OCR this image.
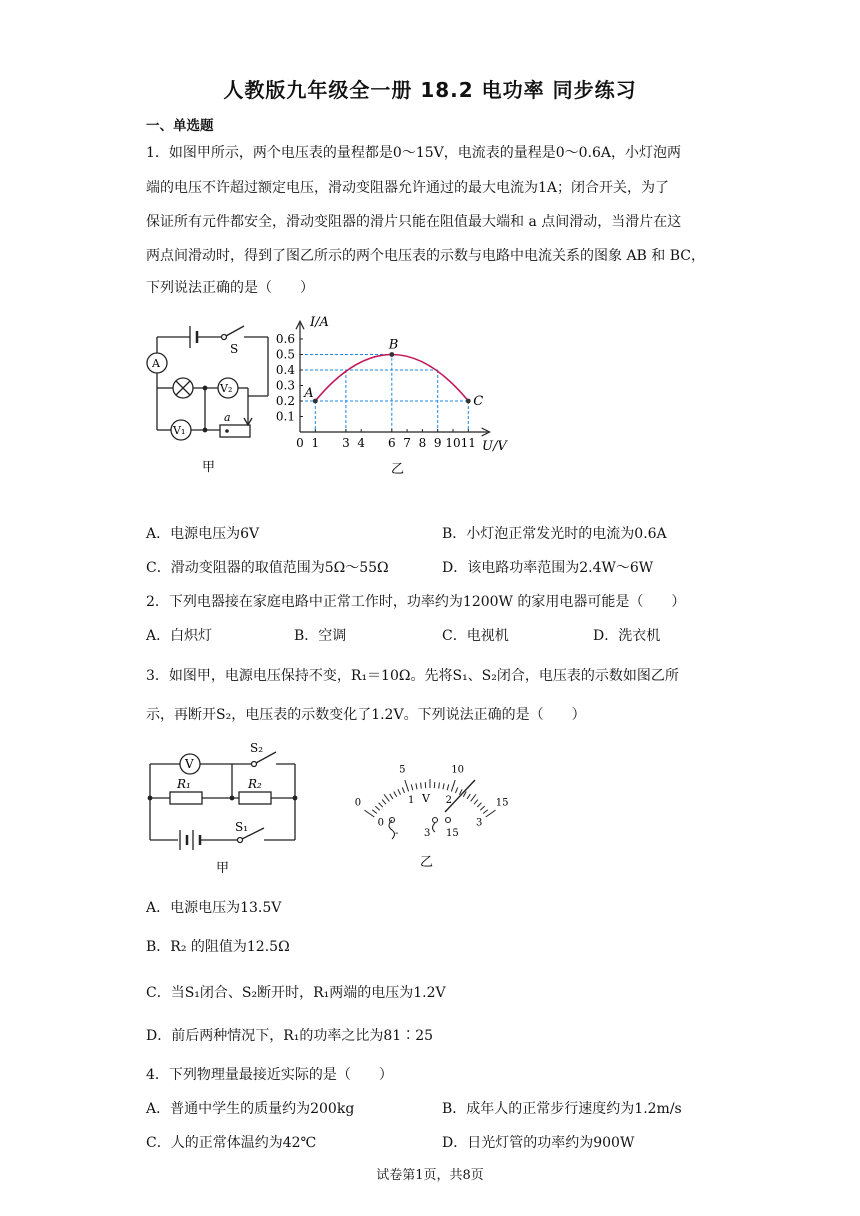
人教版九年级全一册 18.2 电功率 同步练习
一、单选题
1．如图甲所示，两个电压表的量程都是0～15V，电流表的量程是0～0.6A，小灯泡两
端的电压不许超过额定电压，滑动变阻器允许通过的最大电流为1A；闭合开关，为了
保证所有元件都安全，滑动变阻器的滑片只能在阻值最大端和 a 点间滑动，当滑片在这
两点间滑动时，得到了图乙所示的两个电压表的示数与电路中电流关系的图象 AB 和 BC，
下列说法正确的是（　　）
A
S
V₂
V₁
a
甲
0 1 3 4 6 7 8 9 10 11
0.1
0.2
0.3
0.4
0.5
0.6
A
B
C
I/A
U/V
乙
A．电源电压为6V	B．小灯泡正常发光时的电流为0.6A
C．滑动变阻器的取值范围为5Ω～55Ω	D．该电路功率范围为2.4W～6W
2．下列电器接在家庭电路中正常工作时，功率约为1200W 的家用电器可能是（　　）
A．白炽灯	B．空调	C．电视机	D．洗衣机
3．如图甲，电源电压保持不变，R₁＝10Ω。先将S₁、S₂闭合，电压表的示数如图乙所
示，再断开S₂，电压表的示数变化了1.2V。下列说法正确的是（　　）
V
S₂
R₁	R₂
S₁
甲
0
5	10
15
0
1	2
3
V
-	3 15
乙
A．电源电压为13.5V
B．R₂ 的阻值为12.5Ω
C．当S₁闭合、S₂断开时，R₁两端的电压为1.2V
D．前后两种情况下，R₁的功率之比为81∶25
4．下列物理量最接近实际的是（　　）
A．普通中学生的质量约为200kg	B．成年人的正常步行速度约为1.2m/s
C．人的正常体温约为42℃	D．日光灯管的功率约为900W
试卷第1页，共8页
